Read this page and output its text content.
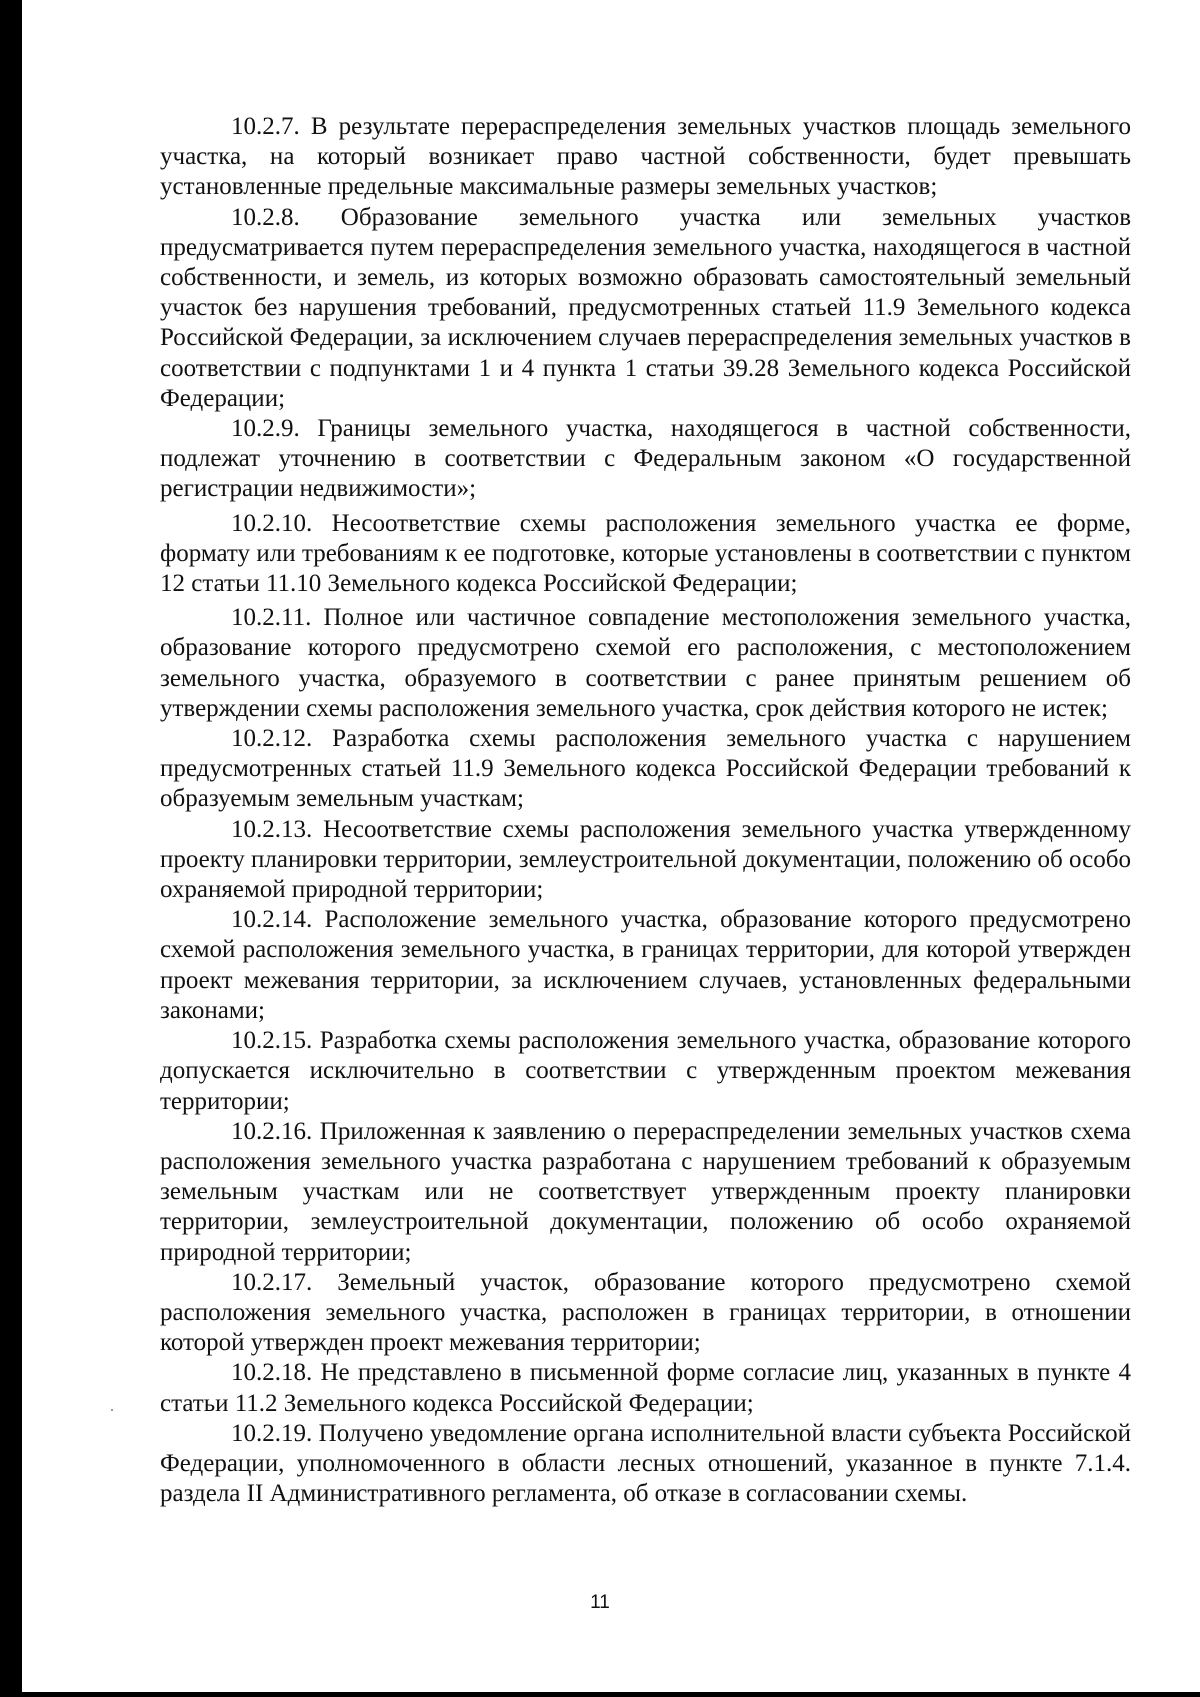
10.2.7. В результате перераспределения земельных участков площадь земельного участка, на который возникает право частной собственности, будет превышать установленные предельные максимальные размеры земельных участков;

10.2.8. Образование земельного участка или земельных участков предусматривается путем перераспределения земельного участка, находящегося в частной собственности, и земель, из которых возможно образовать самостоятельный земельный участок без нарушения требований, предусмотренных статьей 11.9 Земельного кодекса Российской Федерации, за исключением случаев перераспределения земельных участков в соответствии с подпунктами 1 и 4 пункта 1 статьи 39.28 Земельного кодекса Российской Федерации;

10.2.9. Границы земельного участка, находящегося в частной собственности, подлежат уточнению в соответствии с Федеральным законом «О государственной регистрации недвижимости»;

10.2.10. Несоответствие схемы расположения земельного участка ее форме, формату или требованиям к ее подготовке, которые установлены в соответствии с пунктом 12 статьи 11.10 Земельного кодекса Российской Федерации;

10.2.11. Полное или частичное совпадение местоположения земельного участка, образование которого предусмотрено схемой его расположения, с местоположением земельного участка, образуемого в соответствии с ранее принятым решением об утверждении схемы расположения земельного участка, срок действия которого не истек;

10.2.12. Разработка схемы расположения земельного участка с нарушением предусмотренных статьей 11.9 Земельного кодекса Российской Федерации требований к образуемым земельным участкам;

10.2.13. Несоответствие схемы расположения земельного участка утвержденному проекту планировки территории, землеустроительной документации, положению об особо охраняемой природной территории;

10.2.14. Расположение земельного участка, образование которого предусмотрено схемой расположения земельного участка, в границах территории, для которой утвержден проект межевания территории, за исключением случаев, установленных федеральными законами;

10.2.15. Разработка схемы расположения земельного участка, образование которого допускается исключительно в соответствии с утвержденным проектом межевания территории;

10.2.16. Приложенная к заявлению о перераспределении земельных участков схема расположения земельного участка разработана с нарушением требований к образуемым земельным участкам или не соответствует утвержденным проекту планировки территории, землеустроительной документации, положению об особо охраняемой природной территории;

10.2.17. Земельный участок, образование которого предусмотрено схемой расположения земельного участка, расположен в границах территории, в отношении которой утвержден проект межевания территории;

10.2.18. Не представлено в письменной форме согласие лиц, указанных в пункте 4 статьи 11.2 Земельного кодекса Российской Федерации;

10.2.19. Получено уведомление органа исполнительной власти субъекта Российской Федерации, уполномоченного в области лесных отношений, указанное в пункте 7.1.4. раздела II Административного регламента, об отказе в согласовании схемы.

11
